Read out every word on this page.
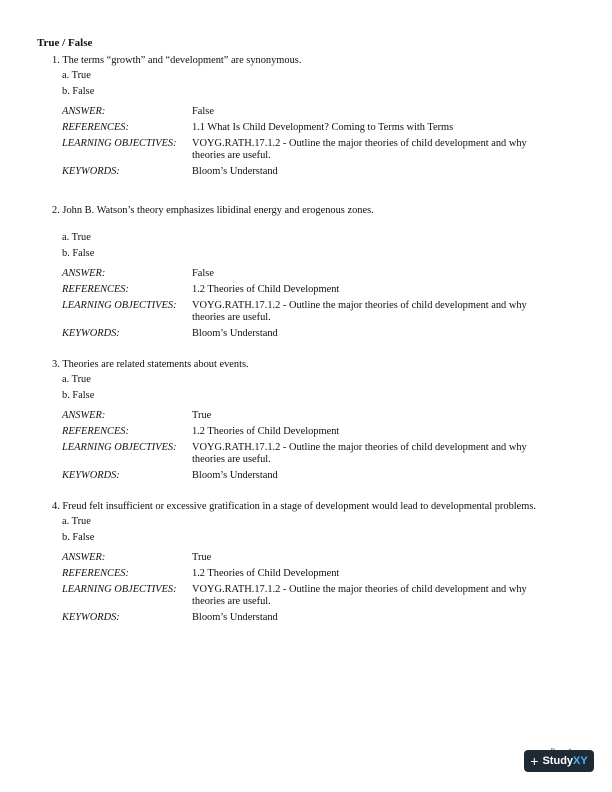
True / False
1. The terms “growth” and “development” are synonymous.
a. True
b. False
ANSWER:	False
REFERENCES:	1.1 What Is Child Development? Coming to Terms with Terms
LEARNING OBJECTIVES:	VOYG.RATH.17.1.2 - Outline the major theories of child development and why theories are useful.
KEYWORDS:	Bloom’s Understand
2. John B. Watson’s theory emphasizes libidinal energy and erogenous zones.
a. True
b. False
ANSWER:	False
REFERENCES:	1.2 Theories of Child Development
LEARNING OBJECTIVES:	VOYG.RATH.17.1.2 - Outline the major theories of child development and why theories are useful.
KEYWORDS:	Bloom’s Understand
3. Theories are related statements about events.
a. True
b. False
ANSWER:	True
REFERENCES:	1.2 Theories of Child Development
LEARNING OBJECTIVES:	VOYG.RATH.17.1.2 - Outline the major theories of child development and why theories are useful.
KEYWORDS:	Bloom’s Understand
4. Freud felt insufficient or excessive gratification in a stage of development would lead to developmental problems.
a. True
b. False
ANSWER:	True
REFERENCES:	1.2 Theories of Child Development
LEARNING OBJECTIVES:	VOYG.RATH.17.1.2 - Outline the major theories of child development and why theories are useful.
KEYWORDS:	Bloom’s Understand
+ StudyXY
